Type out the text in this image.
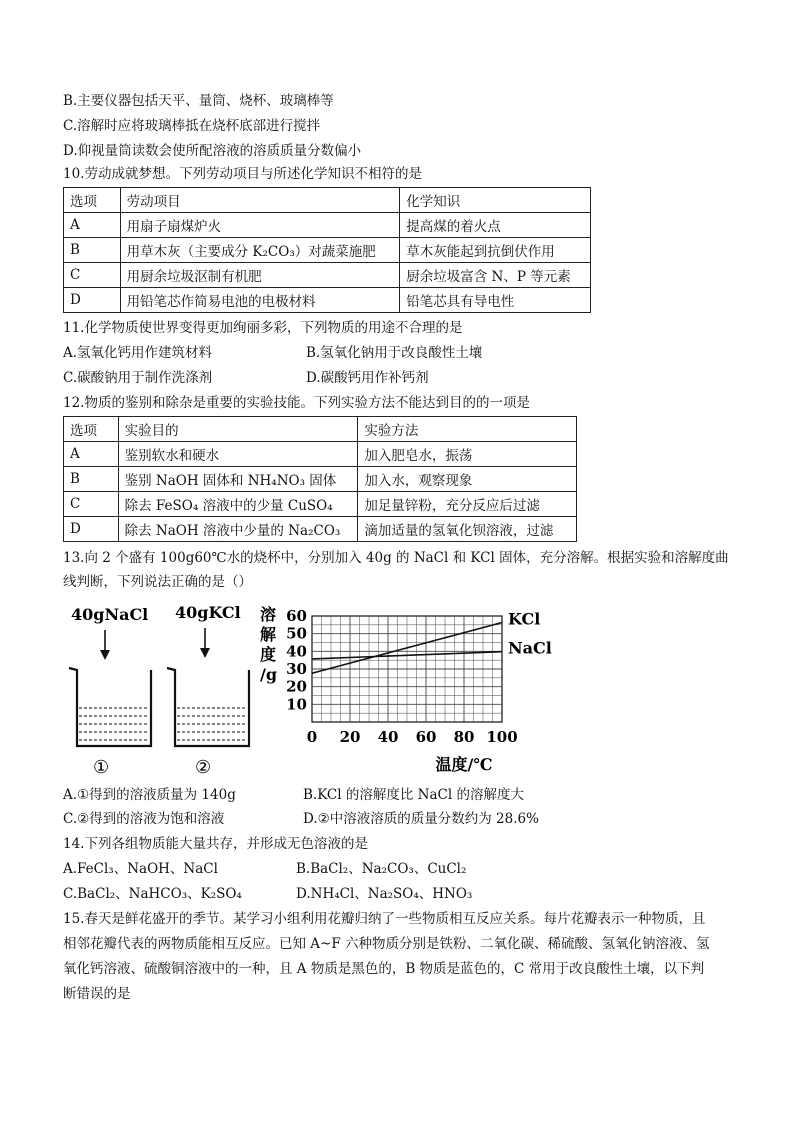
B.主要仪器包括天平、量筒、烧杯、玻璃棒等
C.溶解时应将玻璃棒抵在烧杯底部进行搅拌
D.仰视量筒读数会使所配溶液的溶质质量分数偏小
10.劳动成就梦想。下列劳动项目与所述化学知识不相符的是
选项	劳动项目	化学知识
A	用扇子扇煤炉火	提高煤的着火点
B	用草木灰（主要成分 K₂CO₃）对蔬菜施肥	草木灰能起到抗倒伏作用
C	用厨余垃圾沤制有机肥	厨余垃圾富含 N、P 等元素
D	用铅笔芯作简易电池的电极材料	铅笔芯具有导电性
11.化学物质使世界变得更加绚丽多彩，下列物质的用途不合理的是
A.氢氧化钙用作建筑材料	B.氢氧化钠用于改良酸性土壤
C.碳酸钠用于制作洗涤剂	D.碳酸钙用作补钙剂
12.物质的鉴别和除杂是重要的实验技能。下列实验方法不能达到目的的一项是
选项	实验目的	实验方法
A	鉴别软水和硬水	加入肥皂水，振荡
B	鉴别 NaOH 固体和 NH₄NO₃ 固体	加入水，观察现象
C	除去 FeSO₄ 溶液中的少量 CuSO₄	加足量锌粉，充分反应后过滤
D	除去 NaOH 溶液中少量的 Na₂CO₃	滴加适量的氢氧化钡溶液，过滤
13.向 2 个盛有 100g60℃水的烧杯中，分别加入 40g 的 NaCl 和 KCl 固体，充分溶解。根据实验和溶解度曲
线判断，下列说法正确的是（）
40gNaCl 40gKCl
①	②
溶
解
度
/g
0 20 40 60 80 100
10
20
30
40
50
60	KCl
NaCl
温度/℃
A.①得到的溶液质量为 140g	B.KCl 的溶解度比 NaCl 的溶解度大
C.②得到的溶液为饱和溶液	D.②中溶液溶质的质量分数约为 28.6%
14.下列各组物质能大量共存，并形成无色溶液的是
A.FeCl₃、NaOH、NaCl	B.BaCl₂、Na₂CO₃、CuCl₂
C.BaCl₂、NaHCO₃、K₂SO₄	D.NH₄Cl、Na₂SO₄、HNO₃
15.春天是鲜花盛开的季节。某学习小组利用花瓣归纳了一些物质相互反应关系。每片花瓣表示一种物质，且
相邻花瓣代表的两物质能相互反应。已知 A~F 六种物质分别是铁粉、二氧化碳、稀硫酸、氢氧化钠溶液、氢
氧化钙溶液、硫酸铜溶液中的一种，且 A 物质是黑色的，B 物质是蓝色的，C 常用于改良酸性土壤，以下判
断错误的是
